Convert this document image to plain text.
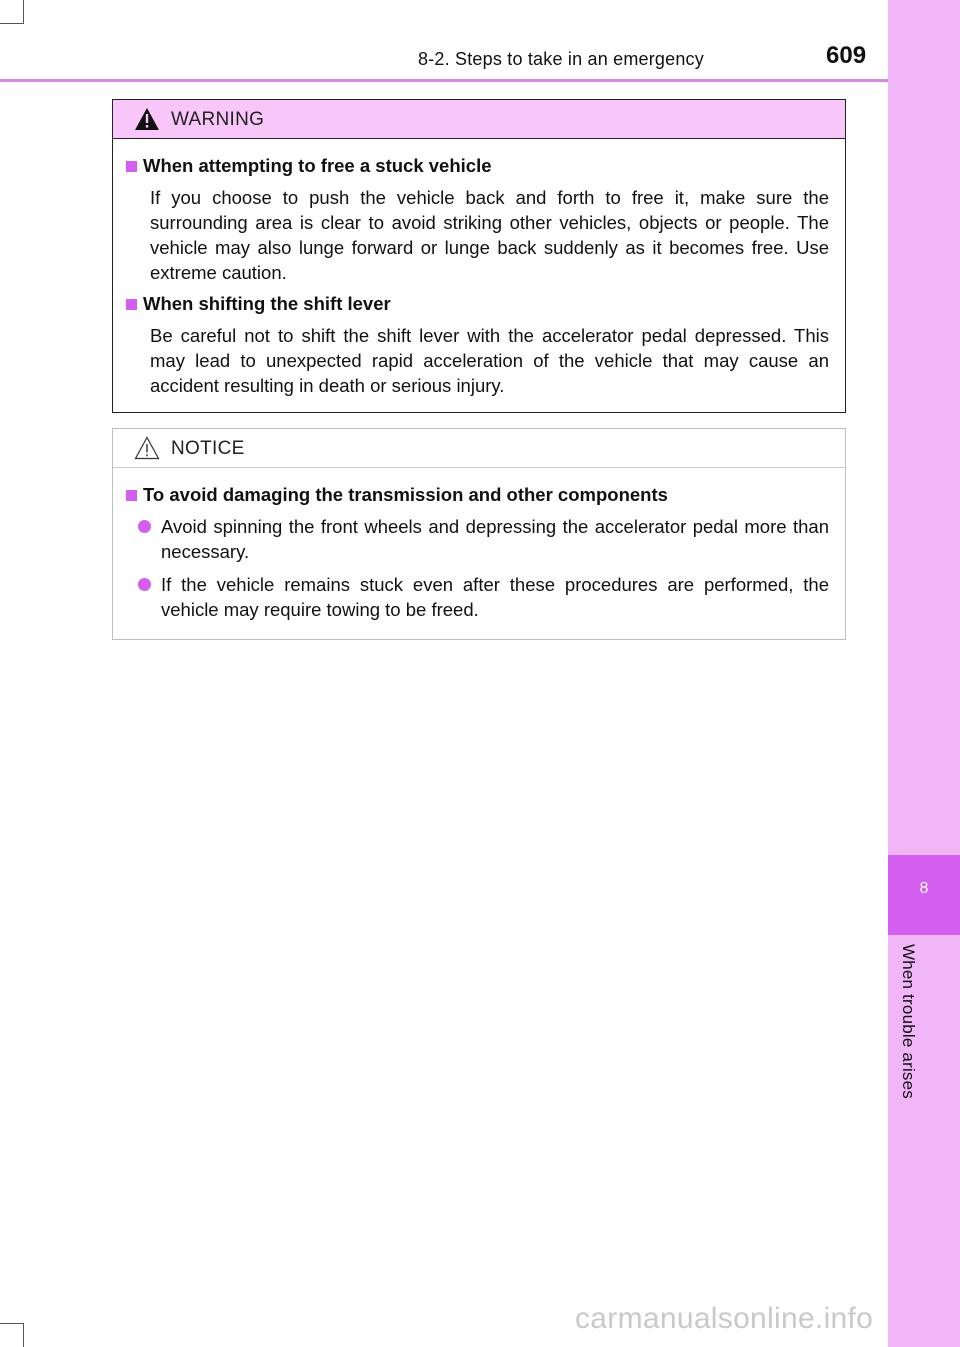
8
When trouble arises
8-2. Steps to take in an emergency	609
WARNING
When attempting to free a stuck vehicle

If you choose to push the vehicle back and forth to free it, make sure the surrounding area is clear to avoid striking other vehicles, objects or people. The vehicle may also lunge forward or lunge back suddenly as it becomes free. Use extreme caution.

When shifting the shift lever

Be careful not to shift the shift lever with the accelerator pedal depressed. This may lead to unexpected rapid acceleration of the vehicle that may cause an accident resulting in death or serious injury.

NOTICE
To avoid damaging the transmission and other components
Avoid spinning the front wheels and depressing the accelerator pedal more than necessary.
If the vehicle remains stuck even after these procedures are performed, the vehicle may require towing to be freed.
carmanualsonline.info
